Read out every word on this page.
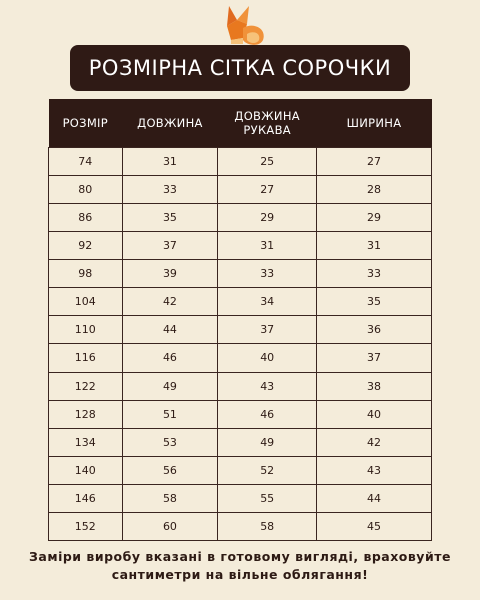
РОЗМІРНА СІТКА СОРОЧКИ
РОЗМІР	ДОВЖИНА	ДОВЖИНА РУКАВА	ШИРИНА
74	31	25	27
80	33	27	28
86	35	29	29
92	37	31	31
98	39	33	33
104	42	34	35
110	44	37	36
116	46	40	37
122	49	43	38
128	51	46	40
134	53	49	42
140	56	52	43
146	58	55	44
152	60	58	45
Заміри виробу вказані в готовому вигляді, враховуйте
сантиметри на вільне облягання!
